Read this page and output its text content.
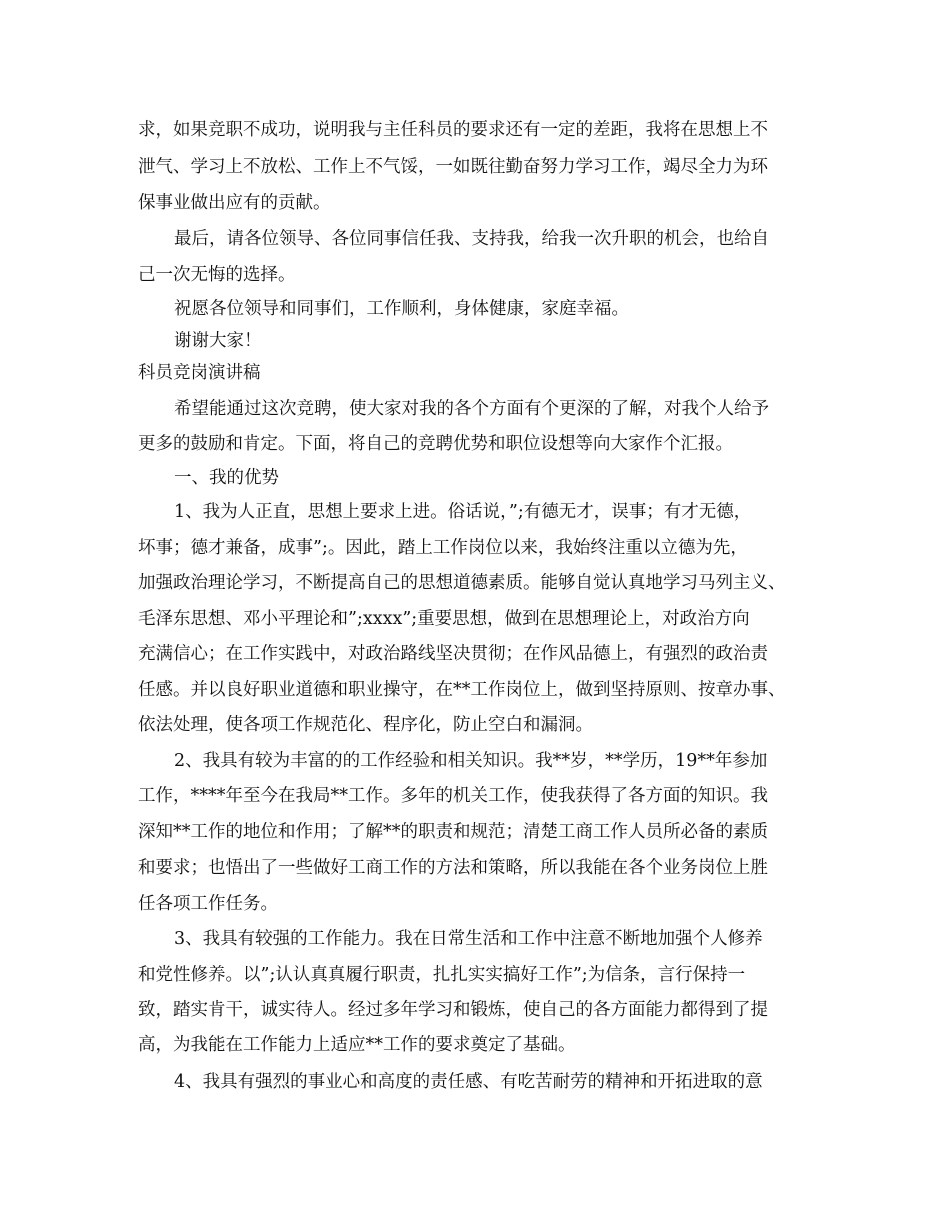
求，如果竞职不成功，说明我与主任科员的要求还有一定的差距，我将在思想上不
泄气、学习上不放松、工作上不气馁，一如既往勤奋努力学习工作，竭尽全力为环
保事业做出应有的贡献。
最后，请各位领导、各位同事信任我、支持我，给我一次升职的机会，也给自
己一次无悔的选择。
祝愿各位领导和同事们，工作顺利，身体健康，家庭幸福。
谢谢大家！
科员竞岗演讲稿
希望能通过这次竞聘，使大家对我的各个方面有个更深的了解，对我个人给予
更多的鼓励和肯定。下面，将自己的竞聘优势和职位设想等向大家作个汇报。
一、我的优势
1、我为人正直，思想上要求上进。俗话说，”;有德无才，误事；有才无德，
坏事；德才兼备，成事”;。因此，踏上工作岗位以来，我始终注重以立德为先，
加强政治理论学习，不断提高自己的思想道德素质。能够自觉认真地学习马列主义、
毛泽东思想、邓小平理论和”;xxxx”;重要思想，做到在思想理论上，对政治方向
充满信心；在工作实践中，对政治路线坚决贯彻；在作风品德上，有强烈的政治责
任感。并以良好职业道德和职业操守，在**工作岗位上，做到坚持原则、按章办事、
依法处理，使各项工作规范化、程序化，防止空白和漏洞。
2、我具有较为丰富的的工作经验和相关知识。我**岁，**学历，19**年参加
工作，****年至今在我局**工作。多年的机关工作，使我获得了各方面的知识。我
深知**工作的地位和作用；了解**的职责和规范；清楚工商工作人员所必备的素质
和要求；也悟出了一些做好工商工作的方法和策略，所以我能在各个业务岗位上胜
任各项工作任务。
3、我具有较强的工作能力。我在日常生活和工作中注意不断地加强个人修养
和党性修养。以”;认认真真履行职责，扎扎实实搞好工作”;为信条，言行保持一
致，踏实肯干，诚实待人。经过多年学习和锻炼，使自己的各方面能力都得到了提
高，为我能在工作能力上适应**工作的要求奠定了基础。
4、我具有强烈的事业心和高度的责任感、有吃苦耐劳的精神和开拓进取的意
